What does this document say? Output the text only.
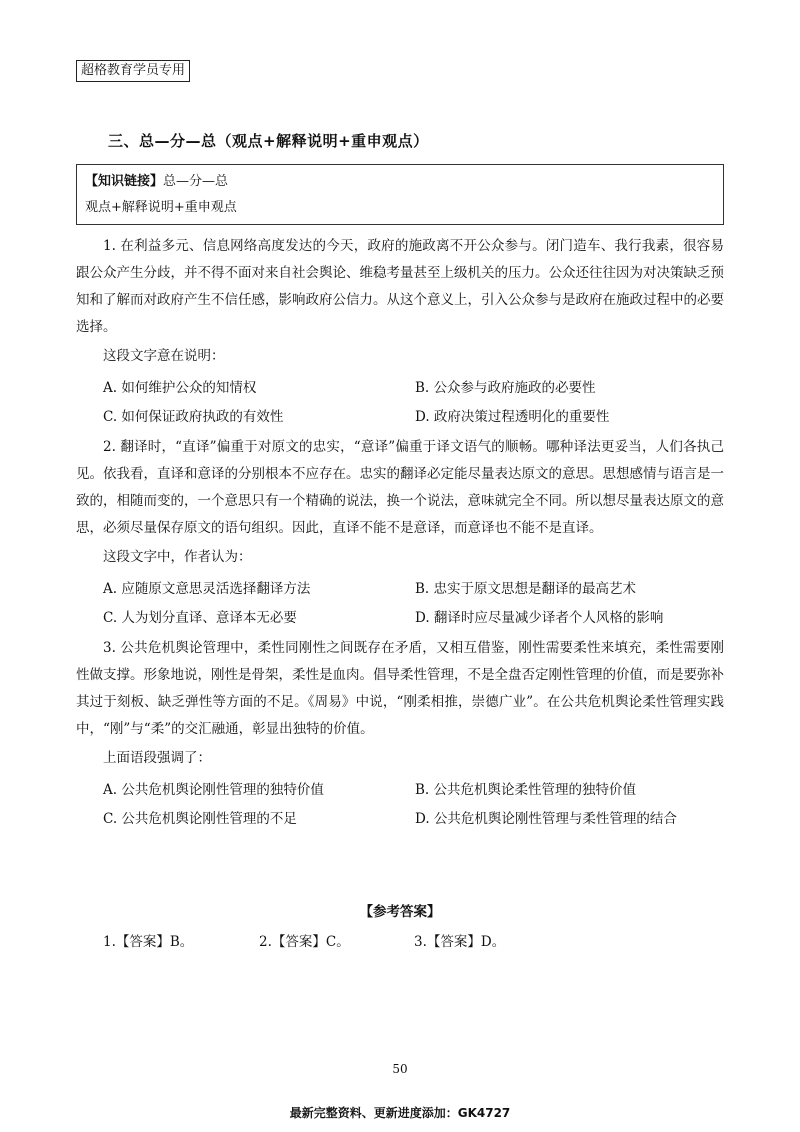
超格教育学员专用
三、总—分—总（观点+解释说明+重申观点）
【知识链接】总—分—总
观点+解释说明+重申观点

1. 在利益多元、信息网络高度发达的今天，政府的施政离不开公众参与。闭门造车、我行我素，很容易跟公众产生分歧，并不得不面对来自社会舆论、维稳考量甚至上级机关的压力。公众还往往因为对决策缺乏预知和了解而对政府产生不信任感，影响政府公信力。从这个意义上，引入公众参与是政府在施政过程中的必要选择。

这段文字意在说明：
A. 如何维护公众的知情权	B. 公众参与政府施政的必要性
C. 如何保证政府执政的有效性	D. 政府决策过程透明化的重要性

2. 翻译时，“直译”偏重于对原文的忠实，“意译”偏重于译文语气的顺畅。哪种译法更妥当，人们各执己见。依我看，直译和意译的分别根本不应存在。忠实的翻译必定能尽量表达原文的意思。思想感情与语言是一致的，相随而变的，一个意思只有一个精确的说法，换一个说法，意味就完全不同。所以想尽量表达原文的意思，必须尽量保存原文的语句组织。因此，直译不能不是意译，而意译也不能不是直译。

这段文字中，作者认为：
A. 应随原文意思灵活选择翻译方法	B. 忠实于原文思想是翻译的最高艺术
C. 人为划分直译、意译本无必要	D. 翻译时应尽量减少译者个人风格的影响

3. 公共危机舆论管理中，柔性同刚性之间既存在矛盾，又相互借鉴，刚性需要柔性来填充，柔性需要刚性做支撑。形象地说，刚性是骨架，柔性是血肉。倡导柔性管理，不是全盘否定刚性管理的价值，而是要弥补其过于刻板、缺乏弹性等方面的不足。《周易》中说，“刚柔相推，崇德广业”。在公共危机舆论柔性管理实践中，“刚”与“柔”的交汇融通，彰显出独特的价值。

上面语段强调了：
A. 公共危机舆论刚性管理的独特价值	B. 公共危机舆论柔性管理的独特价值
C. 公共危机舆论刚性管理的不足	D. 公共危机舆论刚性管理与柔性管理的结合
【参考答案】
1.【答案】B。	2.【答案】C。	3.【答案】D。
50
最新完整资料、更新进度添加：GK4727
